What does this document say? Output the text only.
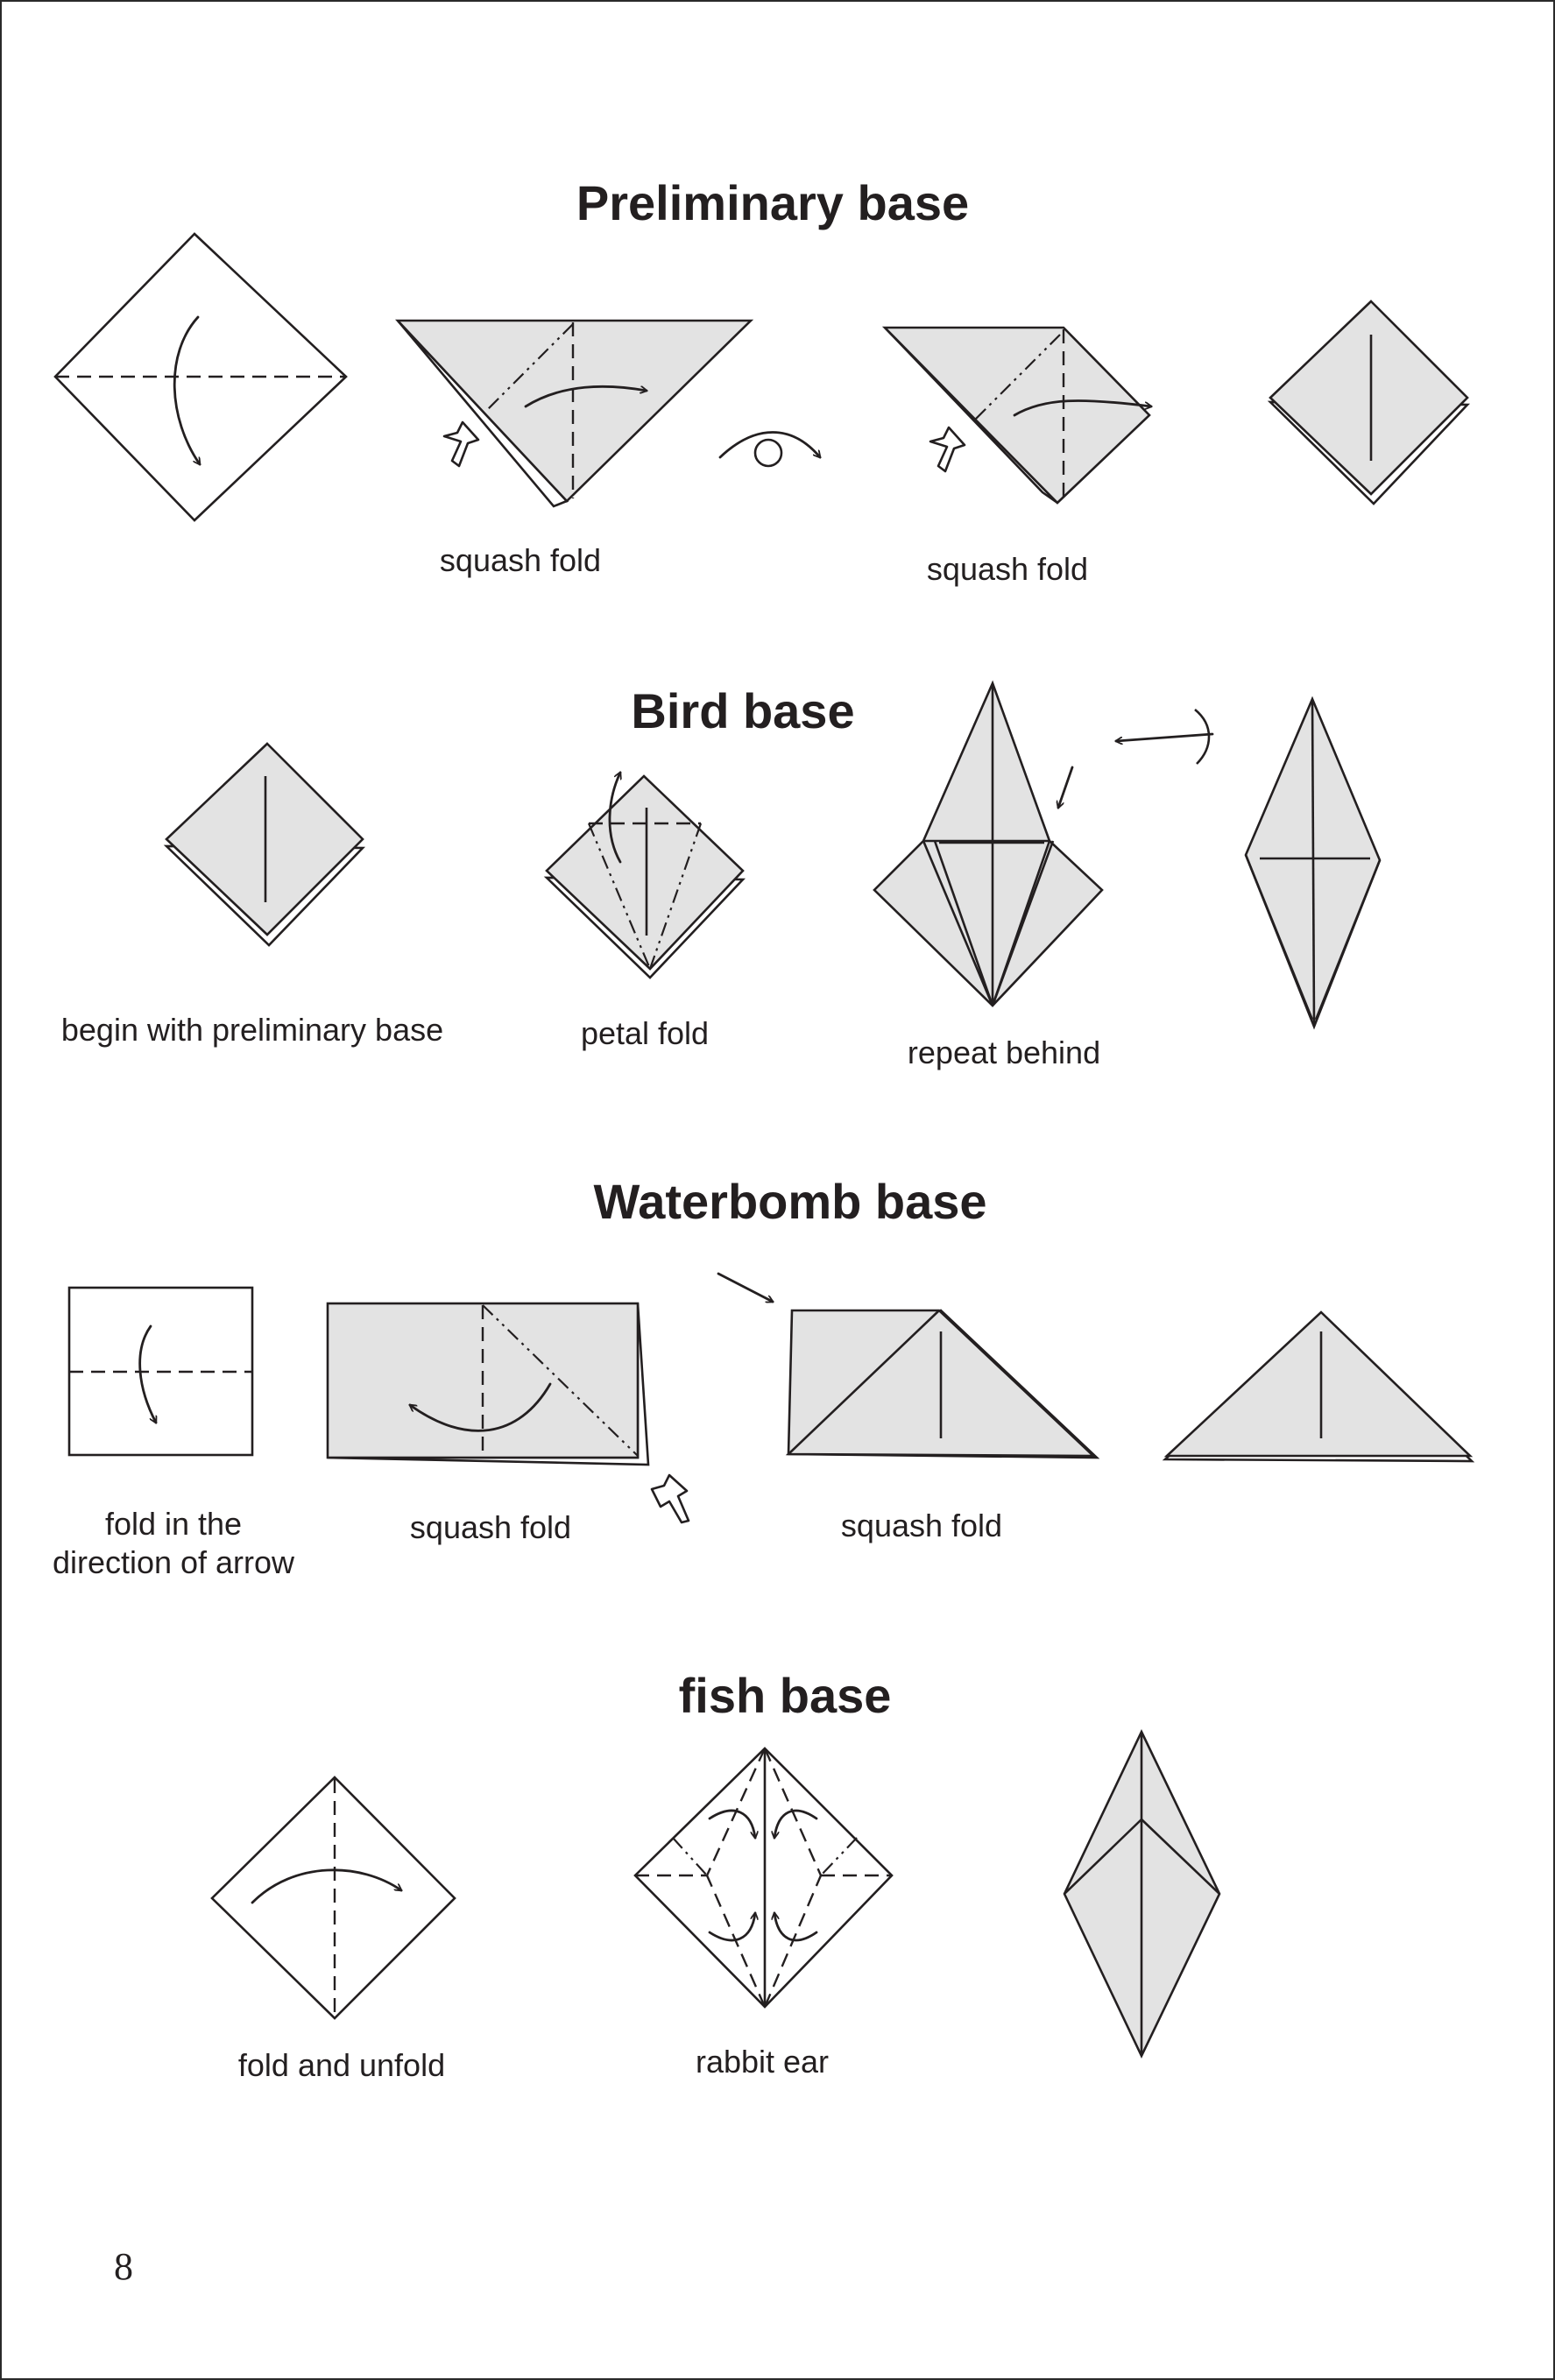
Preliminary base
squash fold	squash fold
Bird base
begin with preliminary base	petal fold
repeat behind
Waterbomb base
fold in the
direction of arrow
squash fold	squash fold
fish base
fold and unfold	rabbit ear
8
